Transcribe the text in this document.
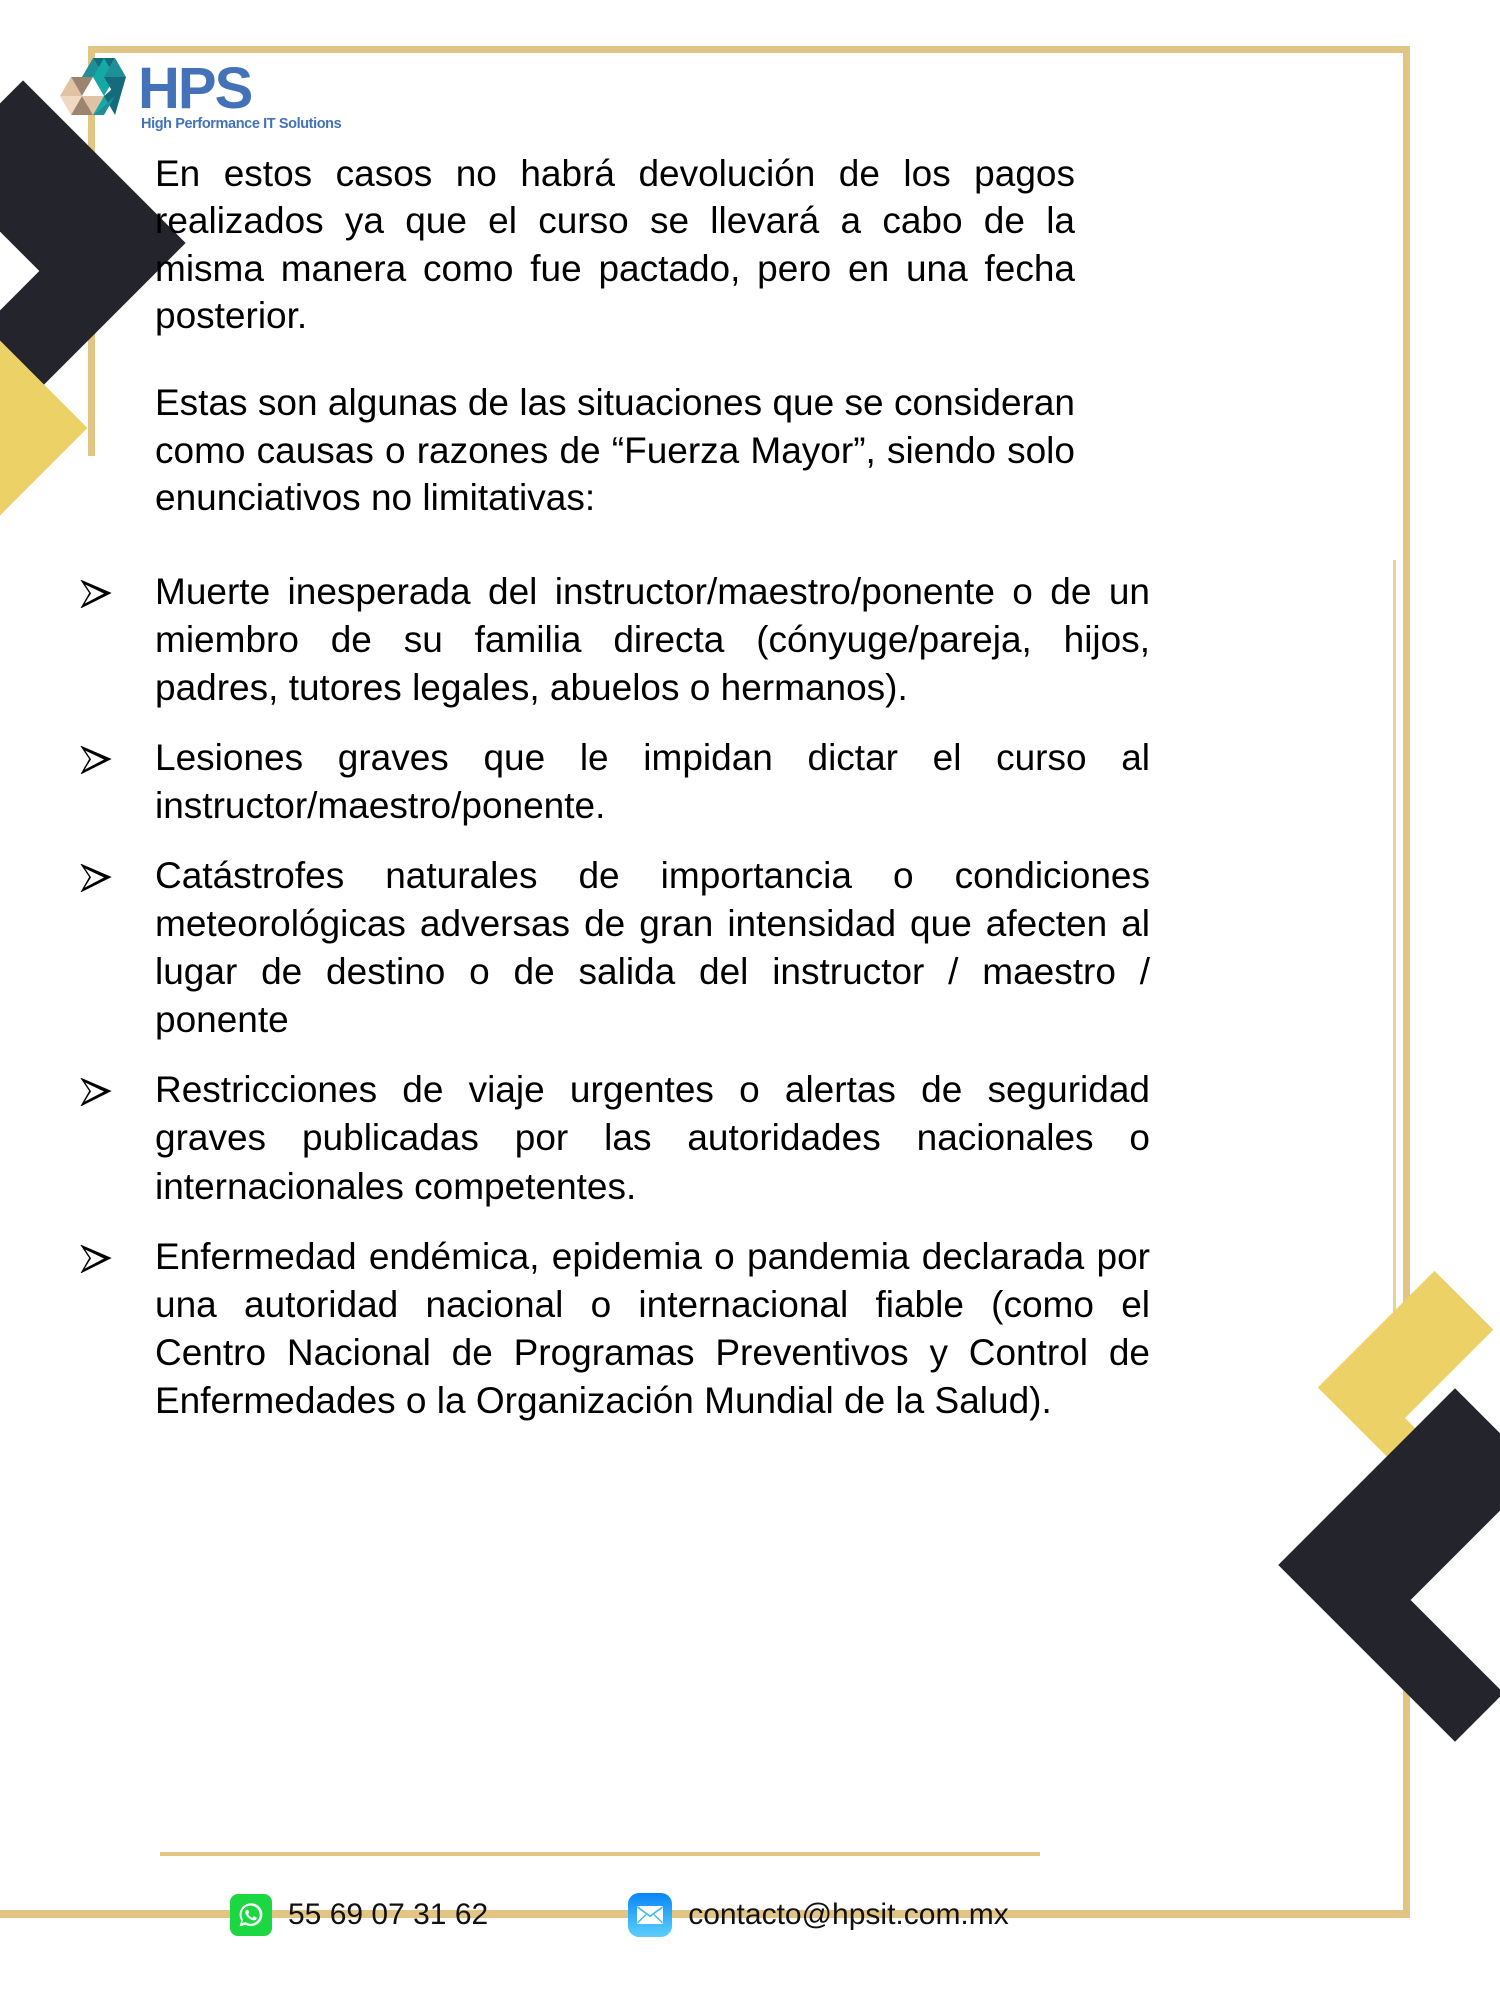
HPS
High Performance IT Solutions

En estos casos no habrá devolución de los pagos realizados ya que el curso se llevará a cabo de la misma manera como fue pactado, pero en una fecha posterior.

Estas son algunas de las situaciones que se consideran como causas o razones de “Fuerza Mayor”, siendo solo enunciativos no limitativas:

Muerte inesperada del instructor/maestro/ponente o de un miembro de su familia directa (cónyuge/pareja, hijos, padres, tutores legales, abuelos o hermanos).
Lesiones graves que le impidan dictar el curso al instructor/maestro/ponente.
Catástrofes naturales de importancia o condiciones meteorológicas adversas de gran intensidad que afecten al lugar de destino o de salida del instructor / maestro / ponente
Restricciones de viaje urgentes o alertas de seguridad graves publicadas por las autoridades nacionales o internacionales competentes.
Enfermedad endémica, epidemia o pandemia declarada por una autoridad nacional o internacional fiable (como el Centro Nacional de Programas Preventivos y Control de Enfermedades o la Organización Mundial de la Salud).
55 69 07 31 62	contacto@hpsit.com.mx
